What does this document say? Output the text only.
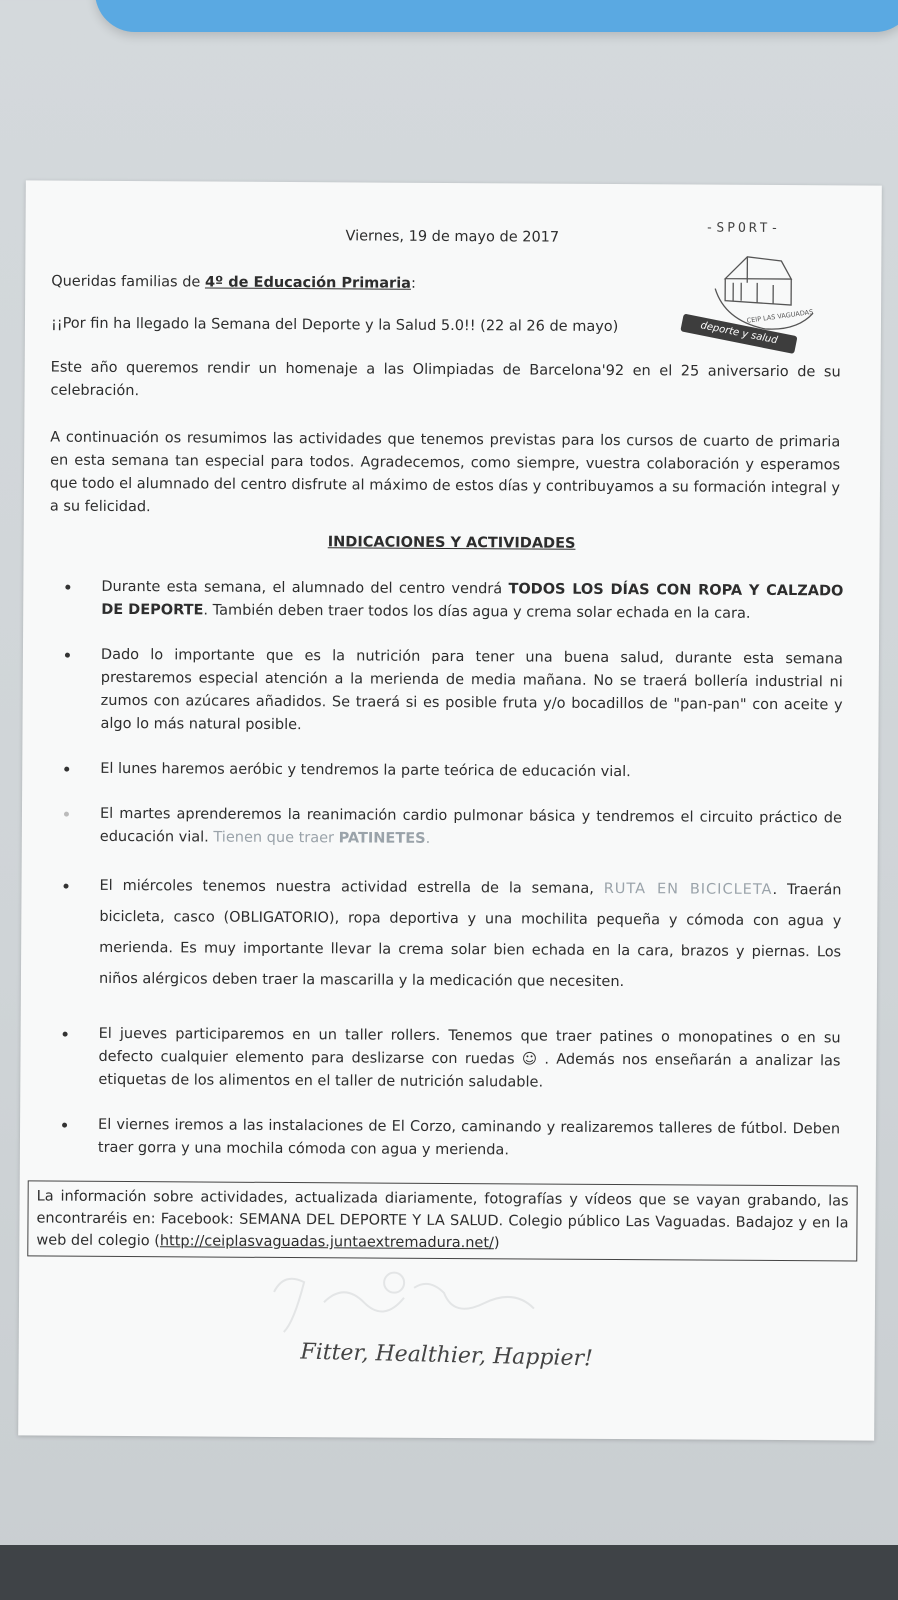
Viernes, 19 de mayo de 2017
-SPORT-
CEIP LAS VAGUADAS
deporte y salud
Queridas familias de 4º de Educación Primaria:
¡¡Por fin ha llegado la Semana del Deporte y la Salud 5.0!! (22 al 26 de mayo)
Este año queremos rendir un homenaje a las Olimpiadas de Barcelona'92 en el 25 aniversario de su celebración.
A continuación os resumimos las actividades que tenemos previstas para los cursos de cuarto de primaria en esta semana tan especial para todos. Agradecemos, como siempre, vuestra colaboración y esperamos que todo el alumnado del centro disfrute al máximo de estos días y contribuyamos a su formación integral y a su felicidad.
INDICACIONES Y ACTIVIDADES
Durante esta semana, el alumnado del centro vendrá TODOS LOS DÍAS CON ROPA Y CALZADO DE DEPORTE. También deben traer todos los días agua y crema solar echada en la cara.
Dado lo importante que es la nutrición para tener una buena salud, durante esta semana prestaremos especial atención a la merienda de media mañana. No se traerá bollería industrial ni zumos con azúcares añadidos. Se traerá si es posible fruta y/o bocadillos de "pan-pan" con aceite y algo lo más natural posible.
El lunes haremos aeróbic y tendremos la parte teórica de educación vial.
El martes aprenderemos la reanimación cardio pulmonar básica y tendremos el circuito práctico de educación vial. Tienen que traer PATINETES.
El miércoles tenemos nuestra actividad estrella de la semana, RUTA EN BICICLETA. Traerán bicicleta, casco (OBLIGATORIO), ropa deportiva y una mochilita pequeña y cómoda con agua y merienda. Es muy importante llevar la crema solar bien echada en la cara, brazos y piernas. Los niños alérgicos deben traer la mascarilla y la medicación que necesiten.
El jueves participaremos en un taller rollers. Tenemos que traer patines o monopatines o en su defecto cualquier elemento para deslizarse con ruedas ☺ . Además nos enseñarán a analizar las etiquetas de los alimentos en el taller de nutrición saludable.
El viernes iremos a las instalaciones de El Corzo, caminando y realizaremos talleres de fútbol. Deben traer gorra y una mochila cómoda con agua y merienda.
La información sobre actividades, actualizada diariamente, fotografías y vídeos que se vayan grabando, las encontraréis en: Facebook: SEMANA DEL DEPORTE Y LA SALUD. Colegio público Las Vaguadas. Badajoz y en la web del colegio (http://ceiplasvaguadas.juntaextremadura.net/)
Fitter, Healthier, Happier!
